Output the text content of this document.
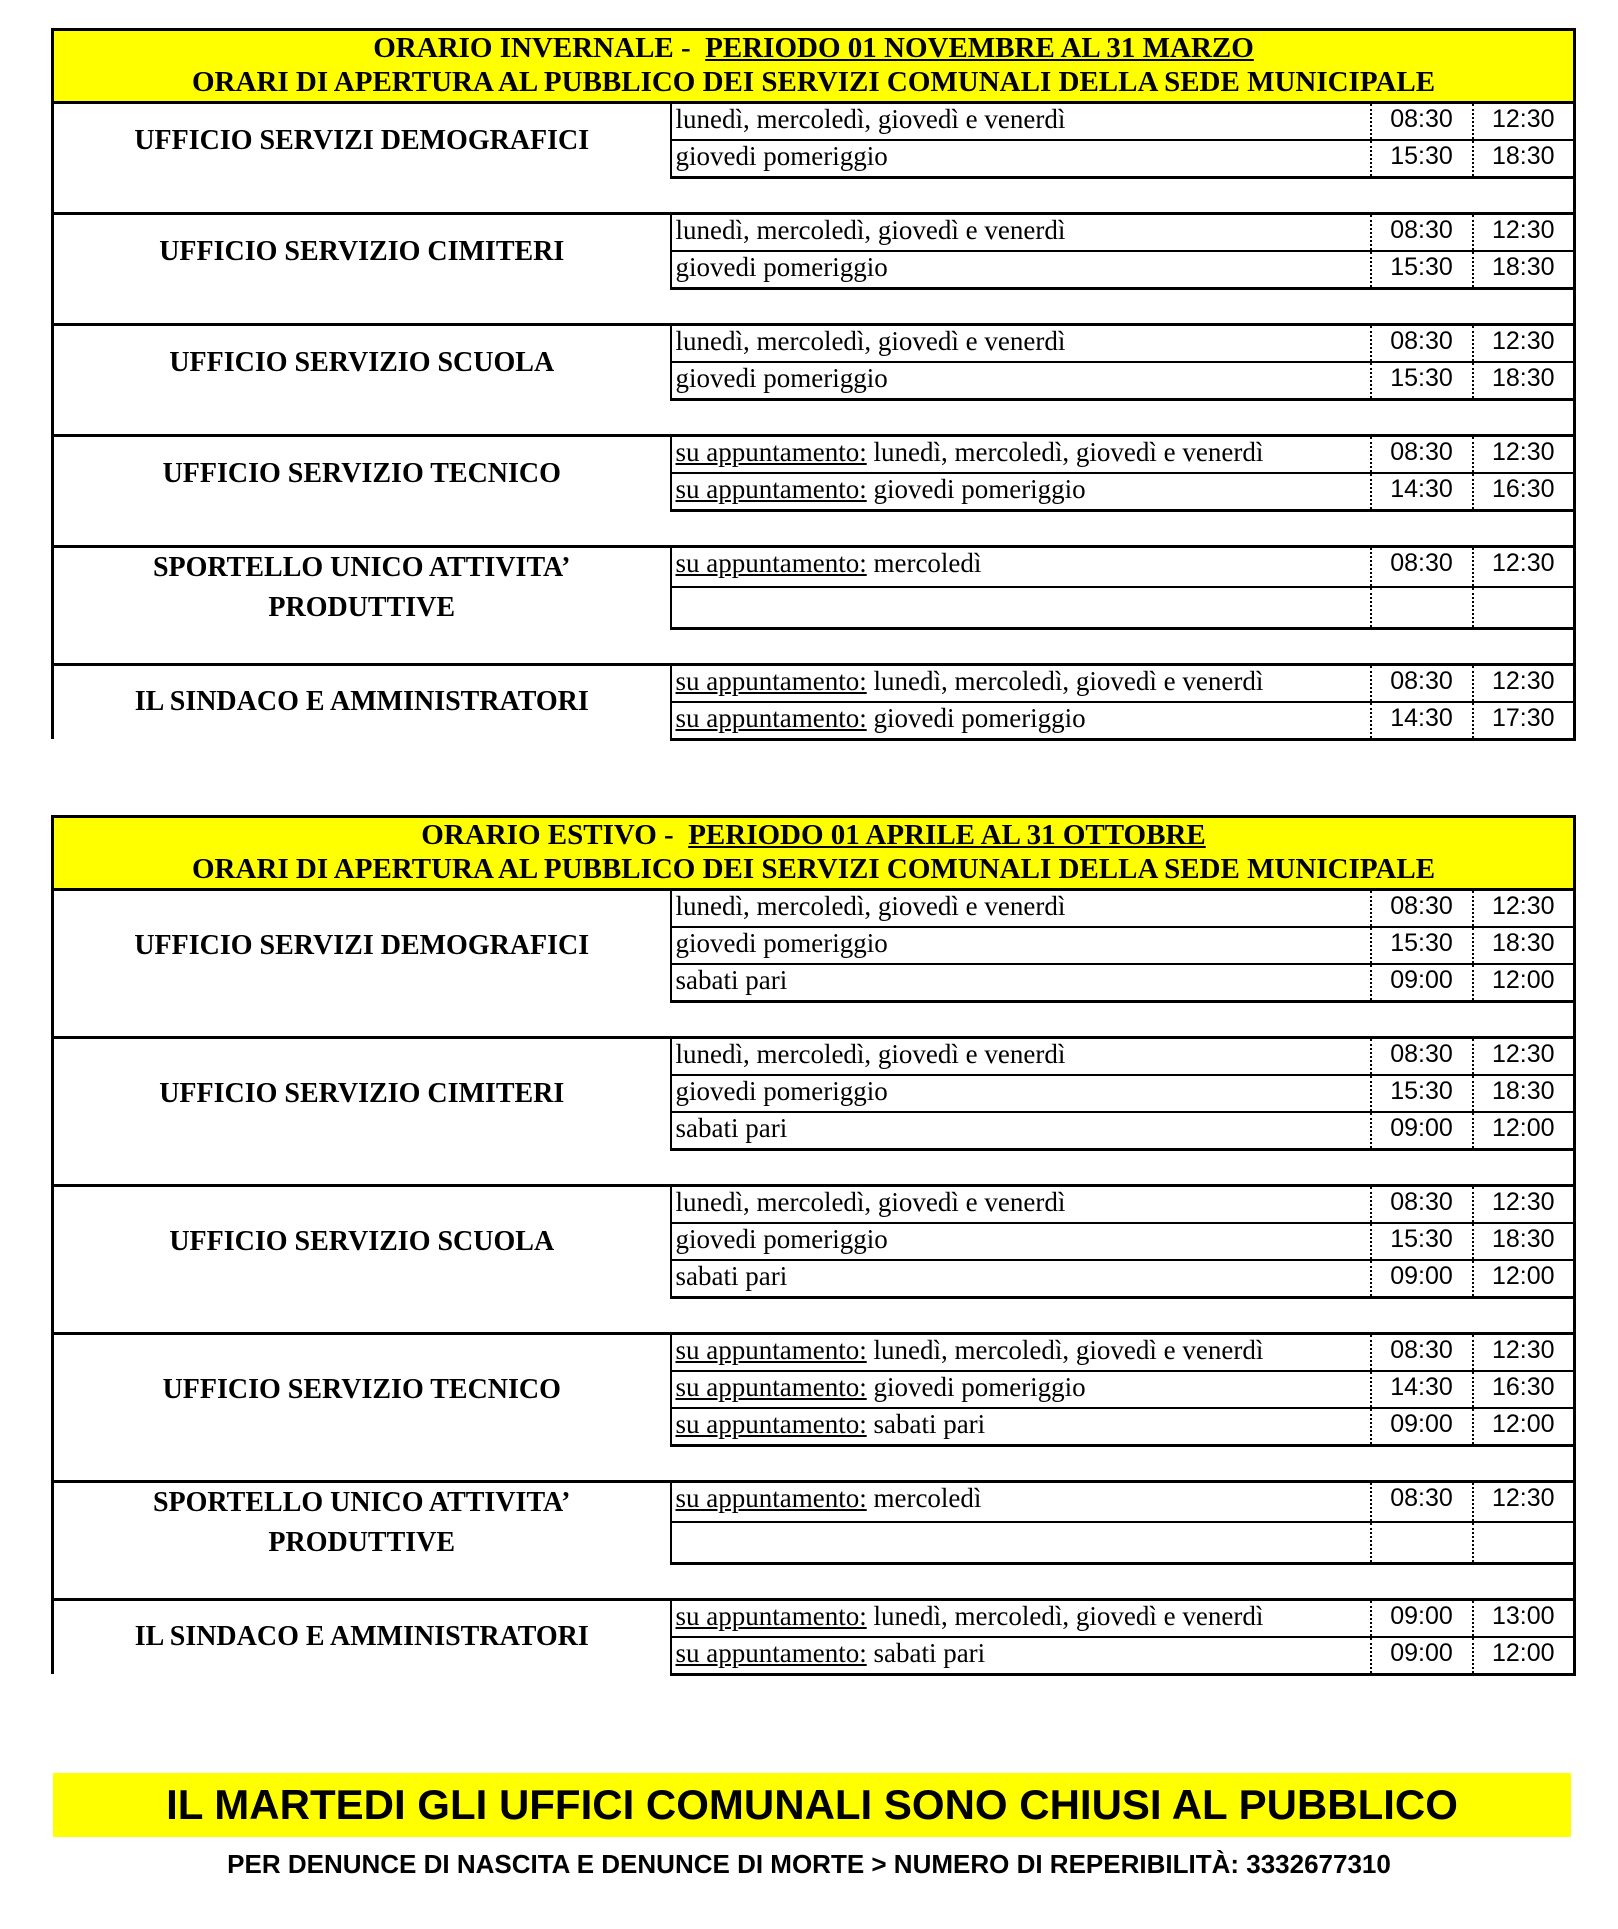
ORARIO INVERNALE - PERIODO 01 NOVEMBRE AL 31 MARZO
ORARI DI APERTURA AL PUBBLICO DEI SERVIZI COMUNALI DELLA SEDE MUNICIPALE			

UFFICIO SERVIZI DEMOGRAFICI	lunedì, mercoledì, giovedì e venerdì	08:30	12:30
	giovedi pomeriggio	15:30	18:30

UFFICIO SERVIZIO CIMITERI	lunedì, mercoledì, giovedì e venerdì	08:30	12:30
	giovedi pomeriggio	15:30	18:30

UFFICIO SERVIZIO SCUOLA	lunedì, mercoledì, giovedì e venerdì	08:30	12:30
	giovedi pomeriggio	15:30	18:30

UFFICIO SERVIZIO TECNICO	su appuntamento: lunedì, mercoledì, giovedì e venerdì	08:30	12:30
	su appuntamento: giovedi pomeriggio	14:30	16:30

SPORTELLO UNICO ATTIVITA’ PRODUTTIVE	su appuntamento: mercoledì	08:30	12:30

IL SINDACO E AMMINISTRATORI	su appuntamento: lunedì, mercoledì, giovedì e venerdì	08:30	12:30
	su appuntamento: giovedi pomeriggio	14:30	17:30
ORARIO ESTIVO - PERIODO 01 APRILE AL 31 OTTOBRE
ORARI DI APERTURA AL PUBBLICO DEI SERVIZI COMUNALI DELLA SEDE MUNICIPALE			

UFFICIO SERVIZI DEMOGRAFICI	lunedì, mercoledì, giovedì e venerdì	08:30	12:30
	giovedi pomeriggio	15:30	18:30
	sabati pari	09:00	12:00

UFFICIO SERVIZIO CIMITERI	lunedì, mercoledì, giovedì e venerdì	08:30	12:30
	giovedi pomeriggio	15:30	18:30
	sabati pari	09:00	12:00

UFFICIO SERVIZIO SCUOLA	lunedì, mercoledì, giovedì e venerdì	08:30	12:30
	giovedi pomeriggio	15:30	18:30
	sabati pari	09:00	12:00

UFFICIO SERVIZIO TECNICO	su appuntamento: lunedì, mercoledì, giovedì e venerdì	08:30	12:30
	su appuntamento: giovedi pomeriggio	14:30	16:30
	su appuntamento: sabati pari	09:00	12:00

SPORTELLO UNICO ATTIVITA’ PRODUTTIVE	su appuntamento: mercoledì	08:30	12:30

IL SINDACO E AMMINISTRATORI	su appuntamento: lunedì, mercoledì, giovedì e venerdì	09:00	13:00
	su appuntamento: sabati pari	09:00	12:00
IL MARTEDI GLI UFFICI COMUNALI SONO CHIUSI AL PUBBLICO
PER DENUNCE DI NASCITA E DENUNCE DI MORTE > NUMERO DI REPERIBILITÀ: 3332677310
